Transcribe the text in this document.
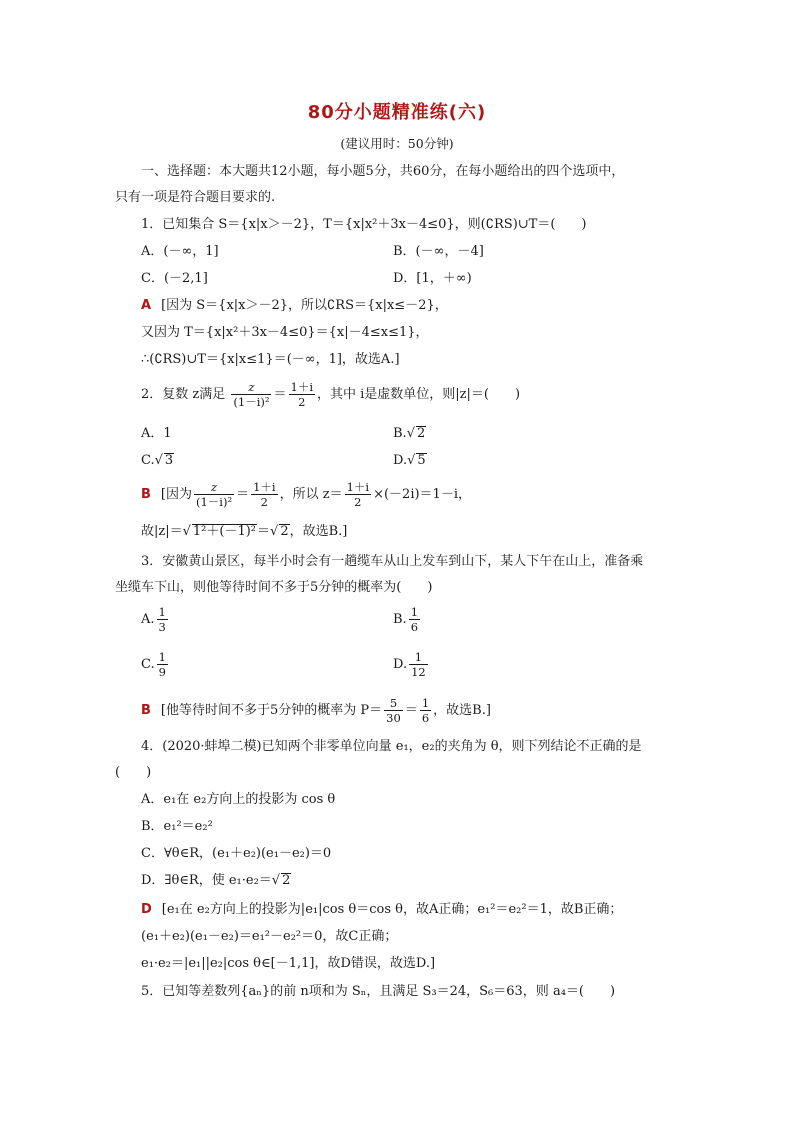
80分小题精准练(六)
(建议用时：50分钟)
一、选择题：本大题共12小题，每小题5分，共60分，在每小题给出的四个选项中，
只有一项是符合题目要求的.
1．已知集合 S＝{x|x＞－2}，T＝{x|x²＋3x－4≤0}，则(∁RS)∪T＝(　　)
A．(－∞，1]	B．(－∞，－4]
C．(－2,1]	D．[1，＋∞)
A [因为 S＝{x|x＞－2}，所以∁RS＝{x|x≤－2}，
又因为 T＝{x|x²＋3x－4≤0}＝{x|－4≤x≤1}，
∴(∁RS)∪T＝{x|x≤1}＝(－∞，1]，故选A.]
2．复数 z满足 $\frac{z}{\text{(1－i)²}} = \frac{1+i}{2}$ ，其中 i是虚数单位，则|z|＝(　　)
A．1	B.√ 2
C.√ 3	D.√ 5
B [因为 $\frac{z}{\text{(1－i)²}} = \frac{1+i}{2}$ ，所以 $z= \frac{1+i}{2} \times(-2i)=1-i$，
故|z|＝√ 1²＋(－1)²＝√ 2，故选B.]
3．安徽黄山景区，每半小时会有一趟缆车从山上发车到山下，某人下午在山上，准备乘
坐缆车下山，则他等待时间不多于5分钟的概率为(　　)
A. $\frac{1}{3}$	B. $\frac{1}{6}$
C. $\frac{1}{9}$	D. $\frac{1}{12}$
B [他等待时间不多于5分钟的概率为 $P= \frac{5}{30} = \frac{1}{6}$ ，故选B.]
4．(2020·蚌埠二模)已知两个非零单位向量 e₁，e₂的夹角为 θ，则下列结论不正确的是
(　　)
A．e₁在 e₂方向上的投影为 cos θ
B．e₁²＝e₂²
C．∀θ∈R，(e₁＋e₂)(e₁－e₂)＝0
D．∃θ∈R，使 e₁·e₂＝√ 2
D [e₁在 e₂方向上的投影为|e₁|cos θ＝cos θ，故A正确；e₁²＝e₂²＝1，故B正确；
(e₁＋e₂)(e₁－e₂)＝e₁²－e₂²＝0，故C正确；
e₁·e₂＝|e₁||e₂|cos θ∈[－1,1]，故D错误，故选D.]
5．已知等差数列{aₙ}的前 n项和为 Sₙ，且满足 S₃＝24，S₆＝63，则 a₄＝(　　)
